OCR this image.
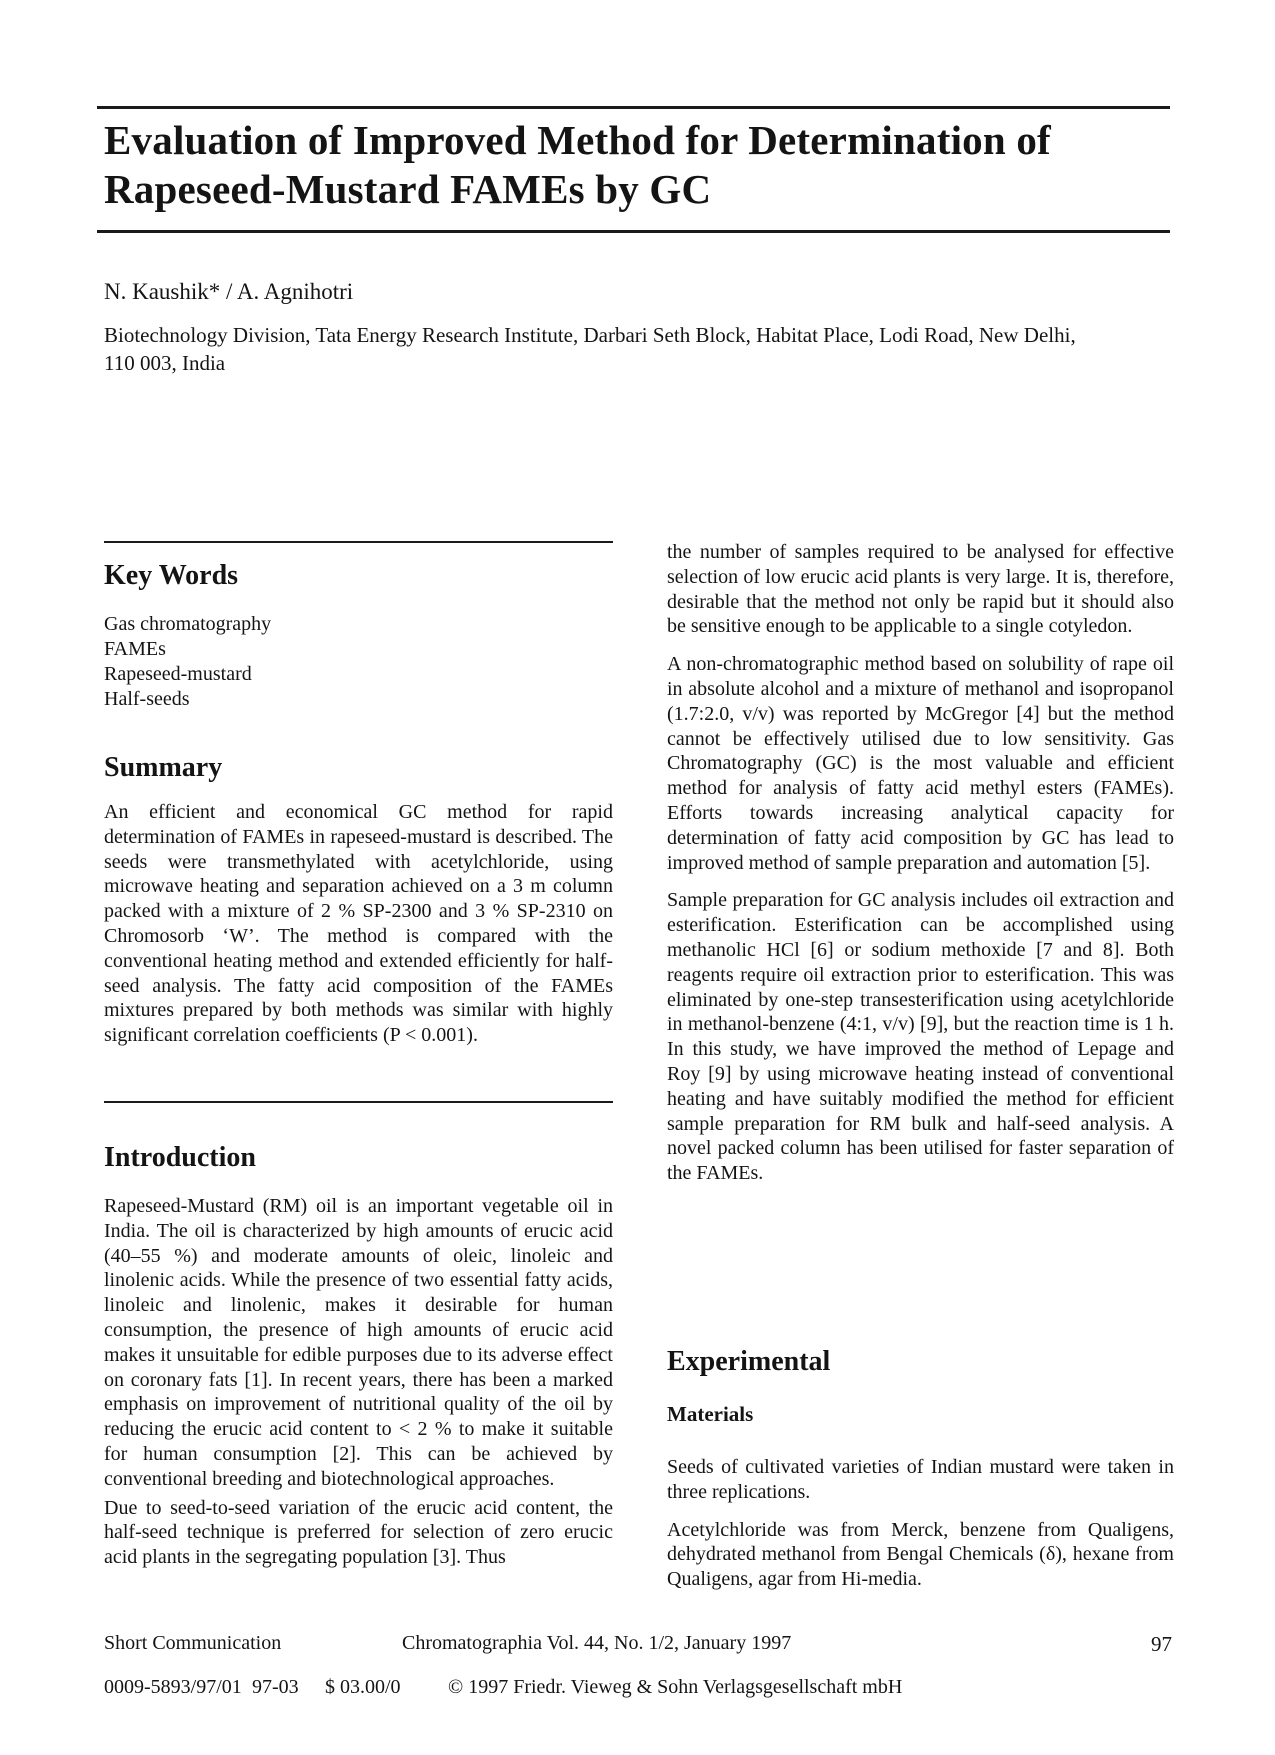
Evaluation of Improved Method for Determination of
Rapeseed-Mustard FAMEs by GC
N. Kaushik* / A. Agnihotri
Biotechnology Division, Tata Energy Research Institute, Darbari Seth Block, Habitat Place, Lodi Road, New Delhi,
110 003, India
Key Words
Gas chromatography
FAMEs
Rapeseed-mustard
Half-seeds
Summary

An efficient and economical GC method for rapid determination of FAMEs in rapeseed-mustard is described. The seeds were transmethylated with acetylchloride, using microwave heating and separation achieved on a 3 m column packed with a mixture of 2 % SP-2300 and 3 % SP-2310 on Chromosorb ‘W’. The method is compared with the conventional heating method and extended efficiently for half-seed analysis. The fatty acid composition of the FAMEs mixtures prepared by both methods was similar with highly significant correlation coefficients (P < 0.001).

Introduction

Rapeseed-Mustard (RM) oil is an important vegetable oil in India. The oil is characterized by high amounts of erucic acid (40–55 %) and moderate amounts of oleic, linoleic and linolenic acids. While the presence of two essential fatty acids, linoleic and linolenic, makes it desirable for human consumption, the presence of high amounts of erucic acid makes it unsuitable for edible purposes due to its adverse effect on coronary fats [1]. In recent years, there has been a marked emphasis on improvement of nutritional quality of the oil by reducing the erucic acid content to < 2 % to make it suitable for human consumption [2]. This can be achieved by conventional breeding and biotechnological approaches.

Due to seed-to-seed variation of the erucic acid content, the half-seed technique is preferred for selection of zero erucic acid plants in the segregating population [3]. Thus

the number of samples required to be analysed for effective selection of low erucic acid plants is very large. It is, therefore, desirable that the method not only be rapid but it should also be sensitive enough to be applicable to a single cotyledon.

A non-chromatographic method based on solubility of rape oil in absolute alcohol and a mixture of methanol and isopropanol (1.7:2.0, v/v) was reported by McGregor [4] but the method cannot be effectively utilised due to low sensitivity. Gas Chromatography (GC) is the most valuable and efficient method for analysis of fatty acid methyl esters (FAMEs). Efforts towards increasing analytical capacity for determination of fatty acid composition by GC has lead to improved method of sample preparation and automation [5].

Sample preparation for GC analysis includes oil extraction and esterification. Esterification can be accomplished using methanolic HCl [6] or sodium methoxide [7 and 8]. Both reagents require oil extraction prior to esterification. This was eliminated by one-step transesterification using acetylchloride in methanol-benzene (4:1, v/v) [9], but the reaction time is 1 h. In this study, we have improved the method of Lepage and Roy [9] by using microwave heating instead of conventional heating and have suitably modified the method for efficient sample preparation for RM bulk and half-seed analysis. A novel packed column has been utilised for faster separation of the FAMEs.

Experimental
Materials

Seeds of cultivated varieties of Indian mustard were taken in three replications.

Acetylchloride was from Merck, benzene from Qualigens, dehydrated methanol from Bengal Chemicals (δ), hexane from Qualigens, agar from Hi-media.

Short Communication	Chromatographia Vol. 44, No. 1/2, January 1997	97
0009-5893/97/01 97-03 $ 03.00/0 © 1997 Friedr. Vieweg & Sohn Verlagsgesellschaft mbH
